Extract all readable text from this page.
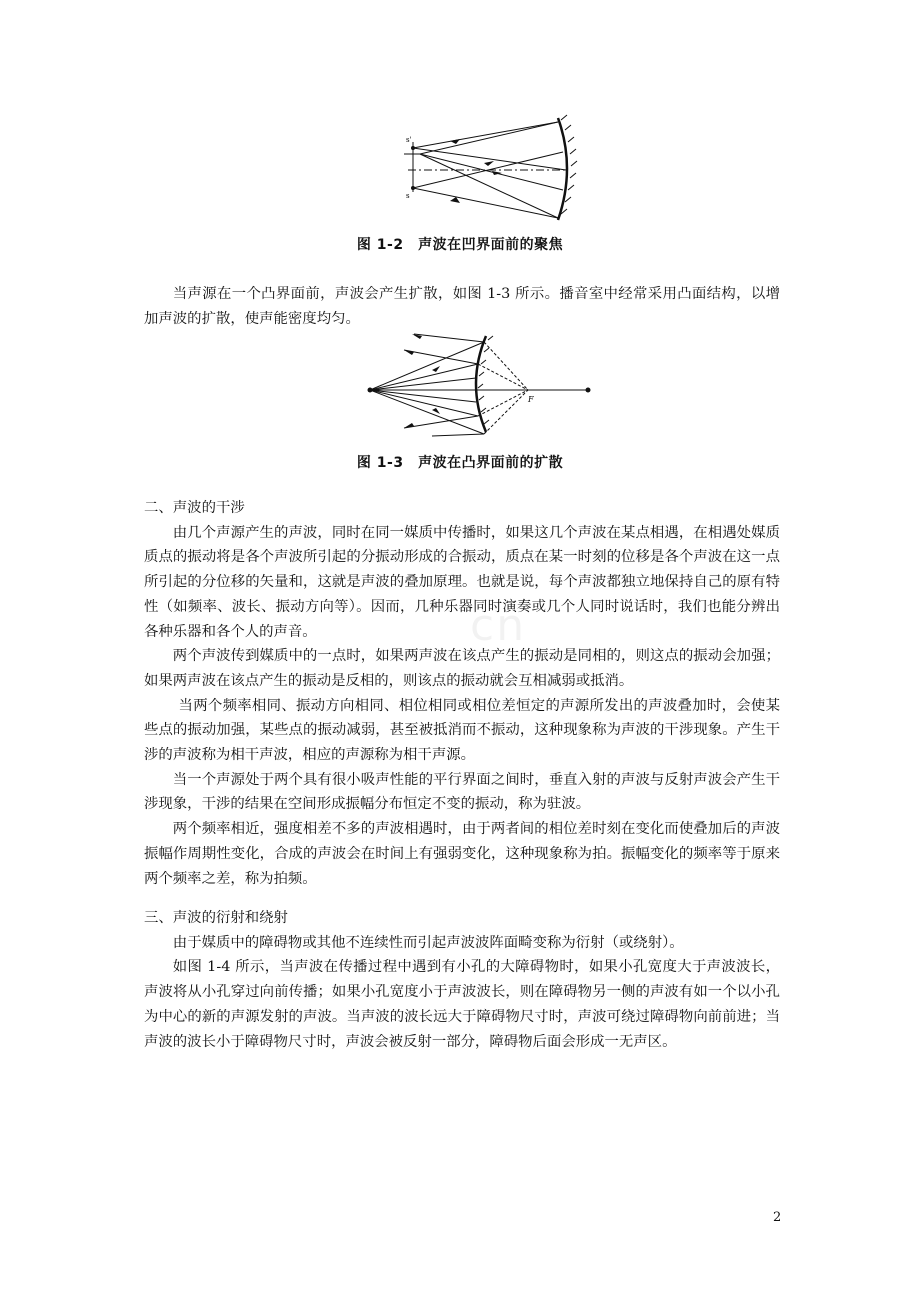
s'
s
图 1-2　声波在凹界面前的聚焦

当声源在一个凸界面前，声波会产生扩散，如图 1-3 所示。播音室中经常采用凸面结构，以增加声波的扩散，使声能密度均匀。

F
图 1-3　声波在凸界面前的扩散

二、声波的干涉

由几个声源产生的声波，同时在同一媒质中传播时，如果这几个声波在某点相遇，在相遇处媒质质点的振动将是各个声波所引起的分振动形成的合振动，质点在某一时刻的位移是各个声波在这一点所引起的分位移的矢量和，这就是声波的叠加原理。也就是说，每个声波都独立地保持自己的原有特性（如频率、波长、振动方向等）。因而，几种乐器同时演奏或几个人同时说话时，我们也能分辨出各种乐器和各个人的声音。

两个声波传到媒质中的一点时，如果两声波在该点产生的振动是同相的，则这点的振动会加强；如果两声波在该点产生的振动是反相的，则该点的振动就会互相减弱或抵消。

当两个频率相同、振动方向相同、相位相同或相位差恒定的声源所发出的声波叠加时，会使某些点的振动加强，某些点的振动减弱，甚至被抵消而不振动，这种现象称为声波的干涉现象。产生干涉的声波称为相干声波，相应的声源称为相干声源。

当一个声源处于两个具有很小吸声性能的平行界面之间时，垂直入射的声波与反射声波会产生干涉现象，干涉的结果在空间形成振幅分布恒定不变的振动，称为驻波。

两个频率相近，强度相差不多的声波相遇时，由于两者间的相位差时刻在变化而使叠加后的声波振幅作周期性变化，合成的声波会在时间上有强弱变化，这种现象称为拍。振幅变化的频率等于原来两个频率之差，称为拍频。

三、声波的衍射和绕射

由于媒质中的障碍物或其他不连续性而引起声波波阵面畸变称为衍射（或绕射）。

如图 1-4 所示，当声波在传播过程中遇到有小孔的大障碍物时，如果小孔宽度大于声波波长，声波将从小孔穿过向前传播；如果小孔宽度小于声波波长，则在障碍物另一侧的声波有如一个以小孔为中心的新的声源发射的声波。当声波的波长远大于障碍物尺寸时，声波可绕过障碍物向前前进；当声波的波长小于障碍物尺寸时，声波会被反射一部分，障碍物后面会形成一无声区。

cn
2
